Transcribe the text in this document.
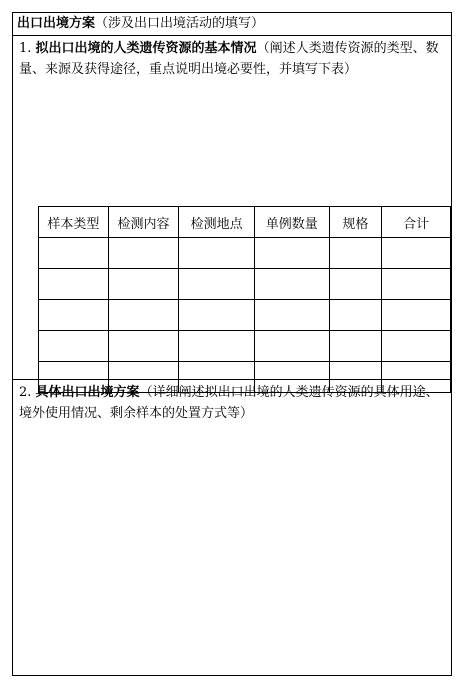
出口出境方案（涉及出口出境活动的填写）
1. 拟出口出境的人类遗传资源的基本情况（阐述人类遗传资源的类型、数量、来源及获得途径，重点说明出境必要性，并填写下表）
样本类型	检测内容	检测地点	单例数量	规格	合计

2. 具体出口出境方案（详细阐述拟出口出境的人类遗传资源的具体用途、境外使用情况、剩余样本的处置方式等）
